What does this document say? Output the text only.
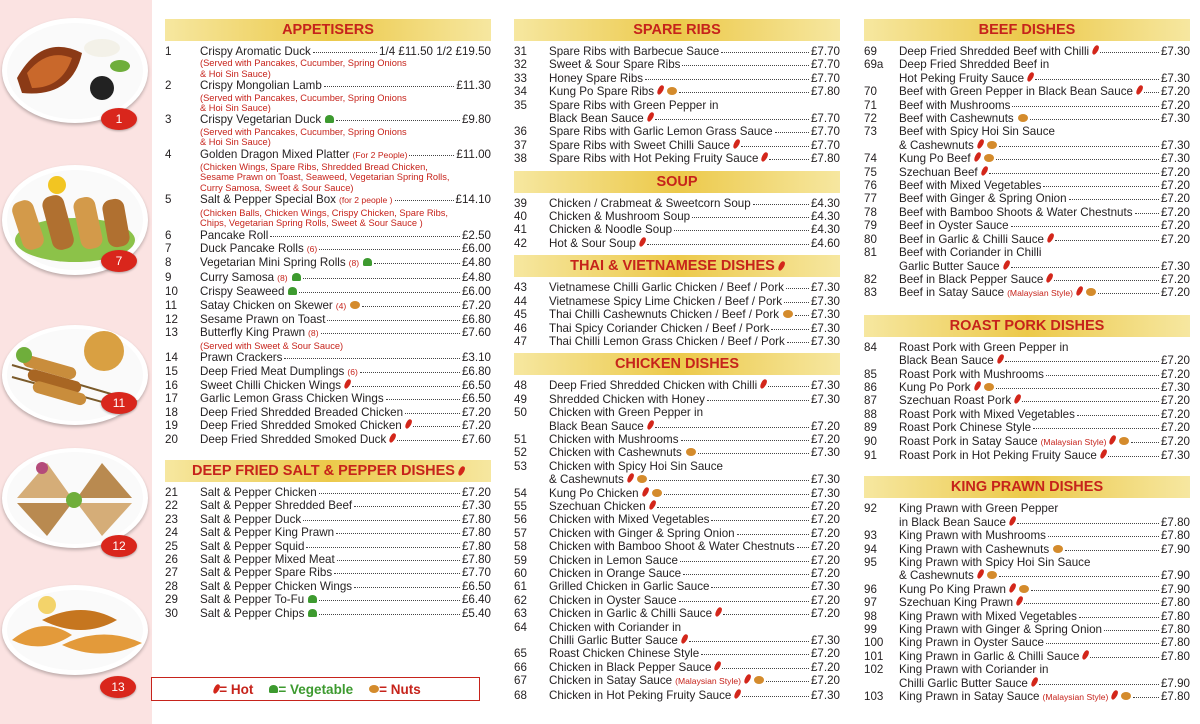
1
7
11
12
13
APPETISERS
1 Crispy Aromatic Duck	1/4 £11.50 1/2 £19.50
(Served with Pancakes, Cucumber, Spring Onions
& Hoi Sin Sauce)
2 Crispy Mongolian Lamb	£11.30
(Served with Pancakes, Cucumber, Spring Onions
& Hoi Sin Sauce)
3 Crispy Vegetarian Duck	£9.80
(Served with Pancakes, Cucumber, Spring Onions
& Hoi Sin Sauce)
4 Golden Dragon Mixed Platter (For 2 People)	£11.00
(Chicken Wings, Spare Ribs, Shredded Bread Chicken,
Sesame Prawn on Toast, Seaweed, Vegetarian Spring Rolls,
Curry Samosa, Sweet & Sour Sauce)
5 Salt & Pepper Special Box (for 2 people )	£14.10
(Chicken Balls, Chicken Wings, Crispy Chicken, Spare Ribs,
Chips, Vegetarian Spring Rolls, Sweet & Sour Sauce )
6 Pancake Roll	£2.50
7 Duck Pancake Rolls (6)	£6.00
8 Vegetarian Mini Spring Rolls (8)	£4.80
9 Curry Samosa (8)	£4.80
10 Crispy Seaweed	£6.00
11 Satay Chicken on Skewer (4)	£7.20
12 Sesame Prawn on Toast	£6.80
13 Butterfly King Prawn (8)	£7.60
(Served with Sweet & Sour Sauce)
14 Prawn Crackers	£3.10
15 Deep Fried Meat Dumplings (6)	£6.80
16 Sweet Chilli Chicken Wings	£6.50
17 Garlic Lemon Grass Chicken Wings	£6.50
18 Deep Fried Shredded Breaded Chicken	£7.20
19 Deep Fried Shredded Smoked Chicken	£7.20
20 Deep Fried Shredded Smoked Duck	£7.60
DEEP FRIED SALT & PEPPER DISHES
21 Salt & Pepper Chicken	£7.20
22 Salt & Pepper Shredded Beef	£7.30
23 Salt & Pepper Duck	£7.80
24 Salt & Pepper King Prawn	£7.80
25 Salt & Pepper Squid	£7.80
26 Salt & Pepper Mixed Meat	£7.80
27 Salt & Pepper Spare Ribs	£7.70
28 Salt & Pepper Chicken Wings	£6.50
29 Salt & Pepper To-Fu	£6.40
30 Salt & Pepper Chips	£5.40
SPARE RIBS
31 Spare Ribs with Barbecue Sauce	£7.70
32 Sweet & Sour Spare Ribs	£7.70
33 Honey Spare Ribs	£7.70
34 Kung Po Spare Ribs	£7.80
35 Spare Ribs with Green Pepper in
Black Bean Sauce	£7.70
36 Spare Ribs with Garlic Lemon Grass Sauce	£7.70
37 Spare Ribs with Sweet Chilli Sauce	£7.70
38 Spare Ribs with Hot Peking Fruity Sauce	£7.80
SOUP
39 Chicken / Crabmeat & Sweetcorn Soup	£4.30
40 Chicken & Mushroom Soup	£4.30
41 Chicken & Noodle Soup	£4.30
42 Hot & Sour Soup	£4.60
THAI & VIETNAMESE DISHES
43 Vietnamese Chilli Garlic Chicken / Beef / Pork £7.30
44 Vietnamese Spicy Lime Chicken / Beef / Pork £7.30
45 Thai Chilli Cashewnuts Chicken / Beef / Pork	£7.30
46 Thai Spicy Coriander Chicken / Beef / Pork	£7.30
47 Thai Chilli Lemon Grass Chicken / Beef / Pork £7.30
CHICKEN DISHES
48 Deep Fried Shredded Chicken with Chilli	£7.30
49 Shredded Chicken with Honey	£7.30
50 Chicken with Green Pepper in
Black Bean Sauce	£7.20
51 Chicken with Mushrooms	£7.20
52 Chicken with Cashewnuts	£7.30
53 Chicken with Spicy Hoi Sin Sauce
& Cashewnuts	£7.30
54 Kung Po Chicken	£7.30
55 Szechuan Chicken	£7.20
56 Chicken with Mixed Vegetables	£7.20
57 Chicken with Ginger & Spring Onion	£7.20
58 Chicken with Bamboo Shoot & Water Chestnuts £7.20
59 Chicken in Lemon Sauce	£7.20
60 Chicken in Orange Sauce	£7.20
61 Grilled Chicken in Garlic Sauce	£7.30
62 Chicken in Oyster Sauce	£7.20
63 Chicken in Garlic & Chilli Sauce	£7.20
64 Chicken with Coriander in
Chilli Garlic Butter Sauce	£7.30
65 Roast Chicken Chinese Style	£7.20
66 Chicken in Black Pepper Sauce	£7.20
67 Chicken in Satay Sauce (Malaysian Style)	£7.20
68 Chicken in Hot Peking Fruity Sauce	£7.30
BEEF DISHES
69 Deep Fried Shredded Beef with Chilli	£7.30
69a Deep Fried Shredded Beef in
Hot Peking Fruity Sauce	£7.30
70 Beef with Green Pepper in Black Bean Sauce £7.20
71 Beef with Mushrooms	£7.20
72 Beef with Cashewnuts	£7.30
73 Beef with Spicy Hoi Sin Sauce
& Cashewnuts	£7.30
74 Kung Po Beef	£7.30
75 Szechuan Beef	£7.20
76 Beef with Mixed Vegetables	£7.20
77 Beef with Ginger & Spring Onion	£7.20
78 Beef with Bamboo Shoots & Water Chestnuts £7.20
79 Beef in Oyster Sauce	£7.20
80 Beef in Garlic & Chilli Sauce	£7.20
81 Beef with Coriander in Chilli
Garlic Butter Sauce	£7.30
82 Beef in Black Pepper Sauce	£7.20
83 Beef in Satay Sauce (Malaysian Style)	£7.20
ROAST PORK DISHES
84 Roast Pork with Green Pepper in
Black Bean Sauce	£7.20
85 Roast Pork with Mushrooms	£7.20
86 Kung Po Pork	£7.30
87 Szechuan Roast Pork	£7.20
88 Roast Pork with Mixed Vegetables	£7.20
89 Roast Pork Chinese Style	£7.20
90 Roast Pork in Satay Sauce (Malaysian Style)	£7.20
91 Roast Pork in Hot Peking Fruity Sauce	£7.30
KING PRAWN DISHES
92 King Prawn with Green Pepper
in Black Bean Sauce	£7.80
93 King Prawn with Mushrooms	£7.80
94 King Prawn with Cashewnuts	£7.90
95 King Prawn with Spicy Hoi Sin Sauce
& Cashewnuts	£7.90
96 Kung Po King Prawn	£7.90
97 Szechuan King Prawn	£7.80
98 King Prawn with Mixed Vegetables	£7.80
99 King Prawn with Ginger & Spring Onion	£7.80
100 King Prawn in Oyster Sauce	£7.80
101 King Prawn in Garlic & Chilli Sauce	£7.80
102 King Prawn with Coriander in
Chilli Garlic Butter Sauce	£7.90
103 King Prawn in Satay Sauce (Malaysian Style)	£7.80
= Hot = Vegetable = Nuts
